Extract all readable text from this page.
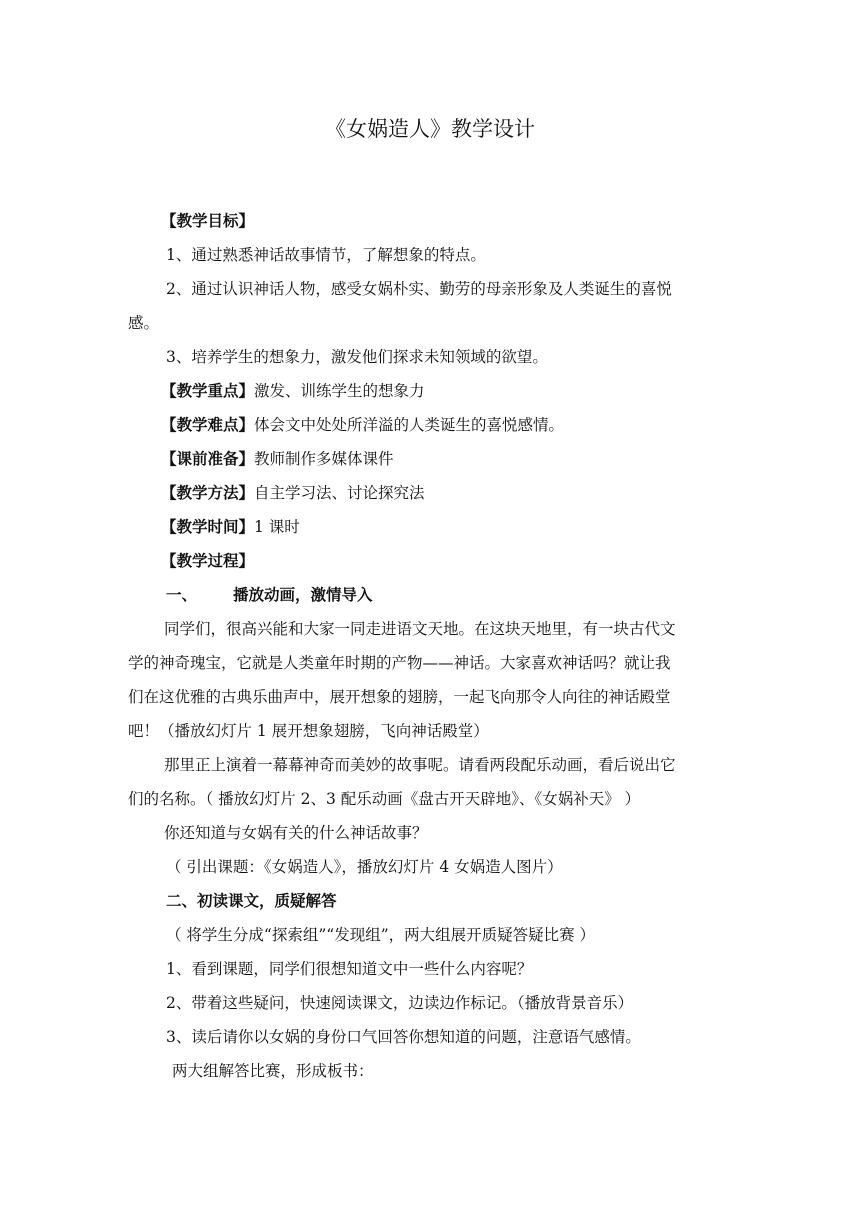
《女娲造人》教学设计
【教学目标】
1、通过熟悉神话故事情节，了解想象的特点。
2、通过认识神话人物，感受女娲朴实、勤劳的母亲形象及人类诞生的喜悦
感。
3、培养学生的想象力，激发他们探求未知领域的欲望。
【教学重点】激发、训练学生的想象力
【教学难点】体会文中处处所洋溢的人类诞生的喜悦感情。
【课前准备】教师制作多媒体课件
【教学方法】自主学习法、讨论探究法
【教学时间】1 课时
【教学过程】
一、 播放动画，激情导入
同学们，很高兴能和大家一同走进语文天地。在这块天地里，有一块古代文
学的神奇瑰宝，它就是人类童年时期的产物——神话。大家喜欢神话吗？就让我
们在这优雅的古典乐曲声中，展开想象的翅膀，一起飞向那令人向往的神话殿堂
吧！（播放幻灯片 1 展开想象翅膀，飞向神话殿堂）
那里正上演着一幕幕神奇而美妙的故事呢。请看两段配乐动画，看后说出它
们的名称。（ 播放幻灯片 2、3 配乐动画《盘古开天辟地》、《女娲补天》 ）
你还知道与女娲有关的什么神话故事？
（ 引出课题：《女娲造人》，播放幻灯片 4 女娲造人图片）
二、初读课文，质疑解答
（ 将学生分成“探索组”“发现组”，两大组展开质疑答疑比赛 ）
1、看到课题，同学们很想知道文中一些什么内容呢？
2、带着这些疑问，快速阅读课文，边读边作标记。（播放背景音乐）
3、读后请你以女娲的身份口气回答你想知道的问题，注意语气感情。
两大组解答比赛，形成板书：
